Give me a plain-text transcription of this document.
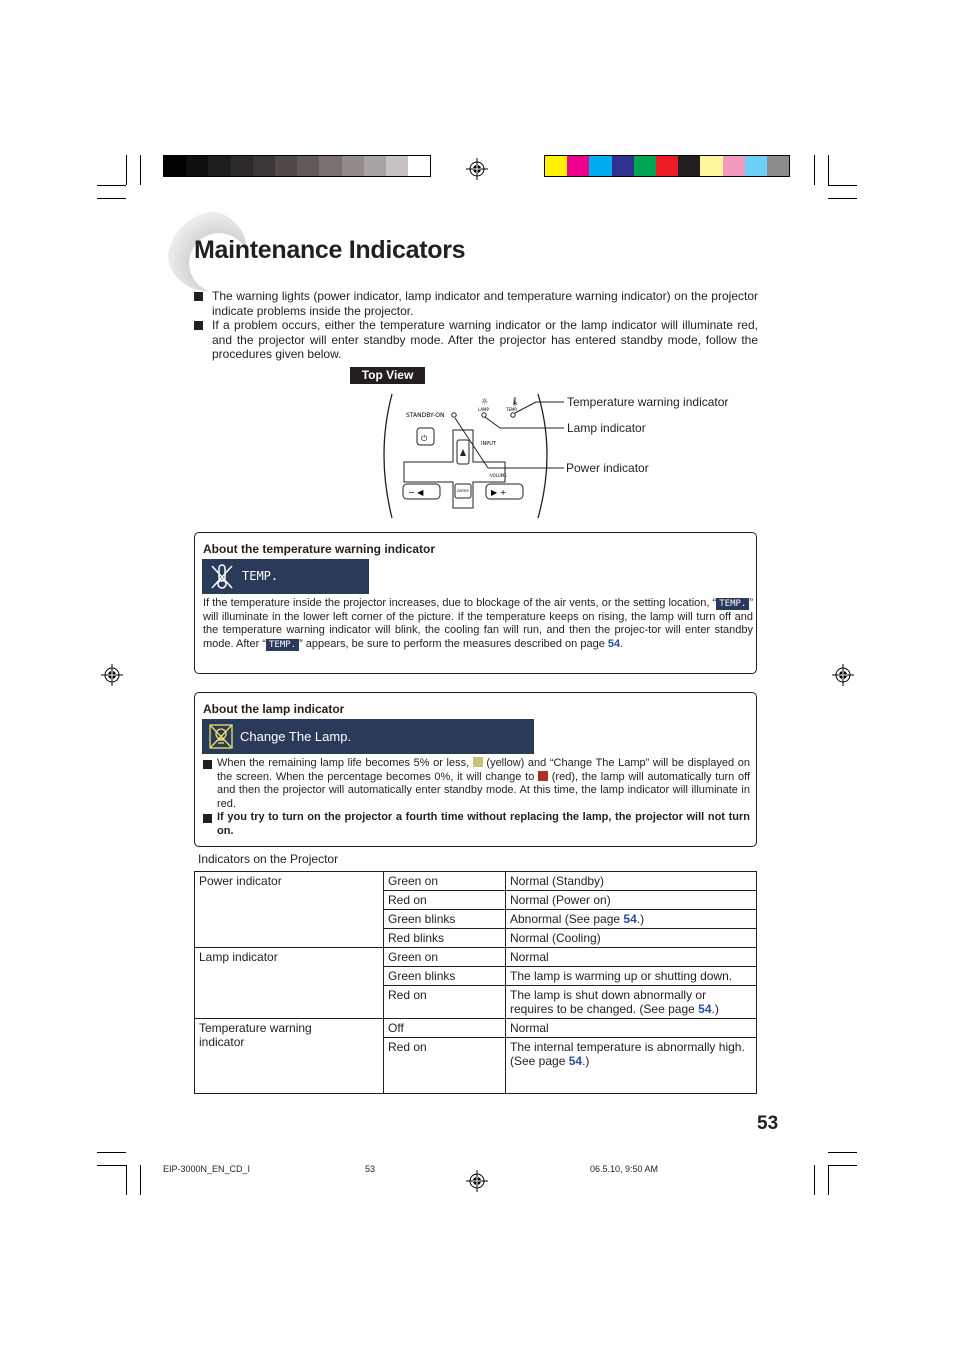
Maintenance Indicators
The warning lights (power indicator, lamp indicator and temperature warning indicator) on the projector indicate problems inside the projector.
If a problem occurs, either the temperature warning indicator or the lamp indicator will illuminate red, and the projector will enter standby mode. After the projector has entered standby mode, follow the procedures given below.
Top View
⏻
− ◀	ENTER	▶ +
STANDBY-ON
LAMP	TEMP.
☼	🌡
INPUT
VOLUME
Temperature warning indicator
Lamp indicator
Power indicator
About the temperature warning indicator
TEMP.
If the temperature inside the projector increases, due to blockage of the air vents, or the setting location, “ TEMP. ” will illuminate in the lower left corner of the picture. If the temperature keeps on rising, the lamp will turn off and the temperature warning indicator will blink, the cooling fan will run, and then the projec-tor will enter standby mode. After “ TEMP. ” appears, be sure to perform the measures described on page 54.
About the lamp indicator
Change The Lamp.
When the remaining lamp life becomes 5% or less,  (yellow) and “Change The Lamp” will be displayed on the screen. When the percentage becomes 0%, it will change to  (red), the lamp will automatically turn off and then the projector will automatically enter standby mode. At this time, the lamp indicator will illuminate in red.
If you try to turn on the projector a fourth time without replacing the lamp, the projector will not turn on.
Indicators on the Projector
Power indicator	Green on	Normal (Standby)
	Red on	Normal (Power on)
	Green blinks	Abnormal (See page 54.)
	Red blinks	Normal (Cooling)
Lamp indicator	Green on	Normal
	Green blinks	The lamp is warming up or shutting down.
	Red on	The lamp is shut down abnormally or requires to be changed. (See page 54.)
Temperature warning indicator	Off	Normal
	Red on	The internal temperature is abnormally high. (See page 54.)
53
EIP-3000N_EN_CD_I	53	06.5.10, 9:50 AM
